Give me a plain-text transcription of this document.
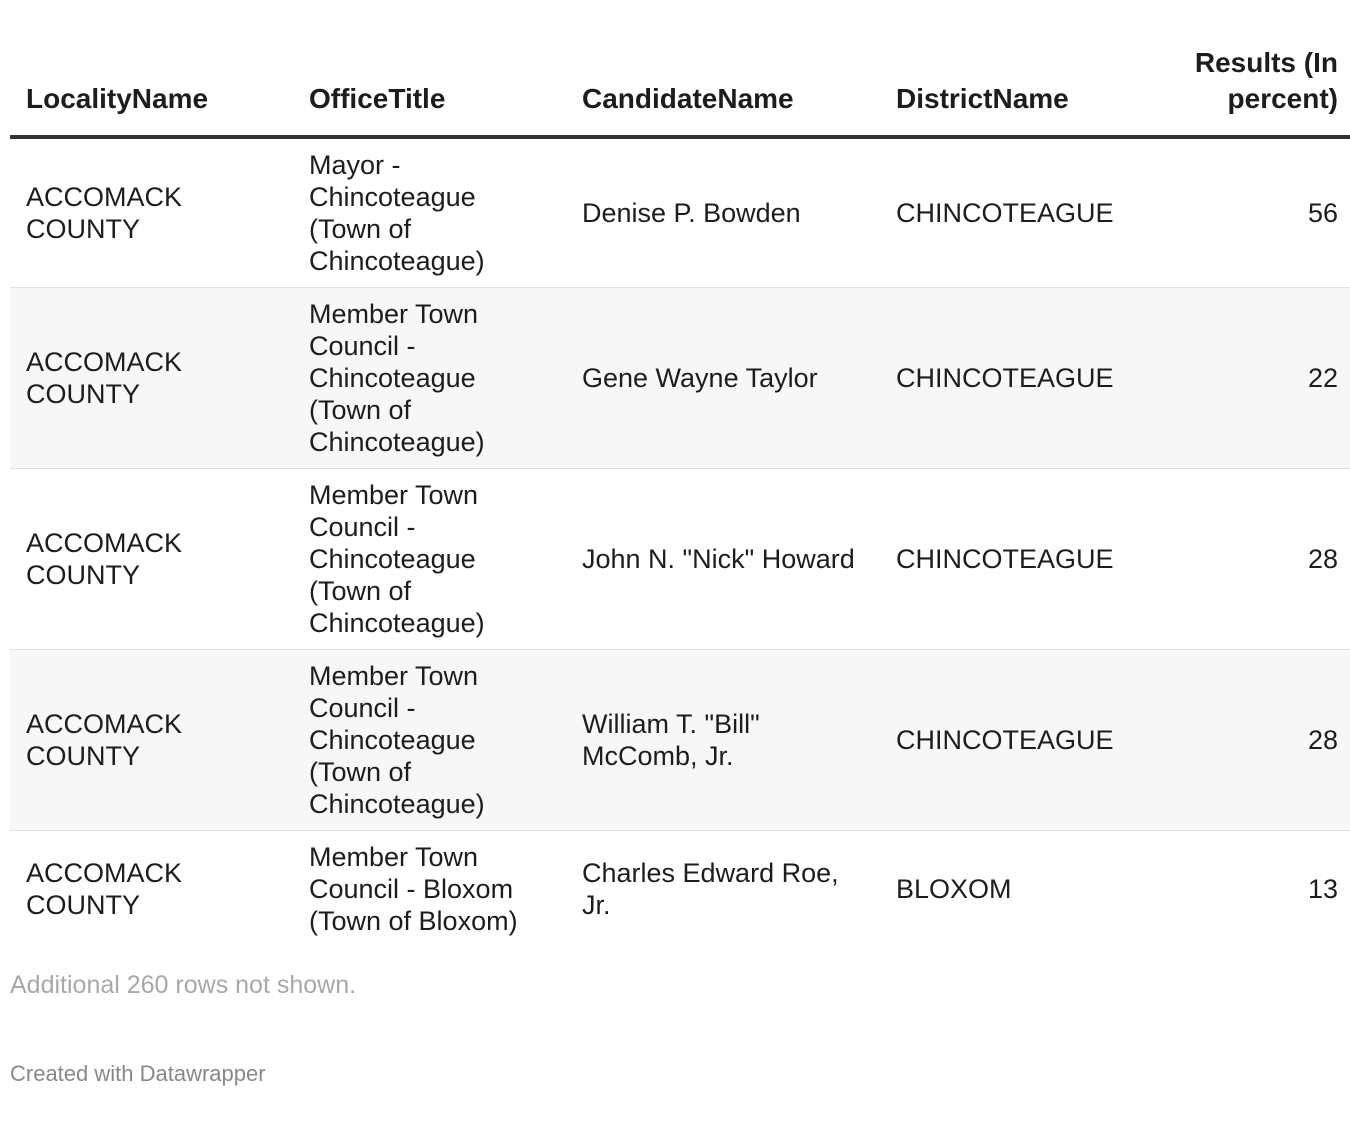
LocalityName	OfficeTitle	CandidateName	DistrictName	Results (In percent)
ACCOMACK COUNTY	Mayor - Chincoteague (Town of Chincoteague)	Denise P. Bowden	CHINCOTEAGUE	56
ACCOMACK COUNTY	Member Town Council - Chincoteague (Town of Chincoteague)	Gene Wayne Taylor	CHINCOTEAGUE	22
ACCOMACK COUNTY	Member Town Council - Chincoteague (Town of Chincoteague)	John N. "Nick" Howard	CHINCOTEAGUE	28
ACCOMACK COUNTY	Member Town Council - Chincoteague (Town of Chincoteague)	William T. "Bill" McComb, Jr.	CHINCOTEAGUE	28
ACCOMACK COUNTY	Member Town Council - Bloxom (Town of Bloxom)	Charles Edward Roe, Jr.	BLOXOM	13
Additional 260 rows not shown.
Created with Datawrapper
